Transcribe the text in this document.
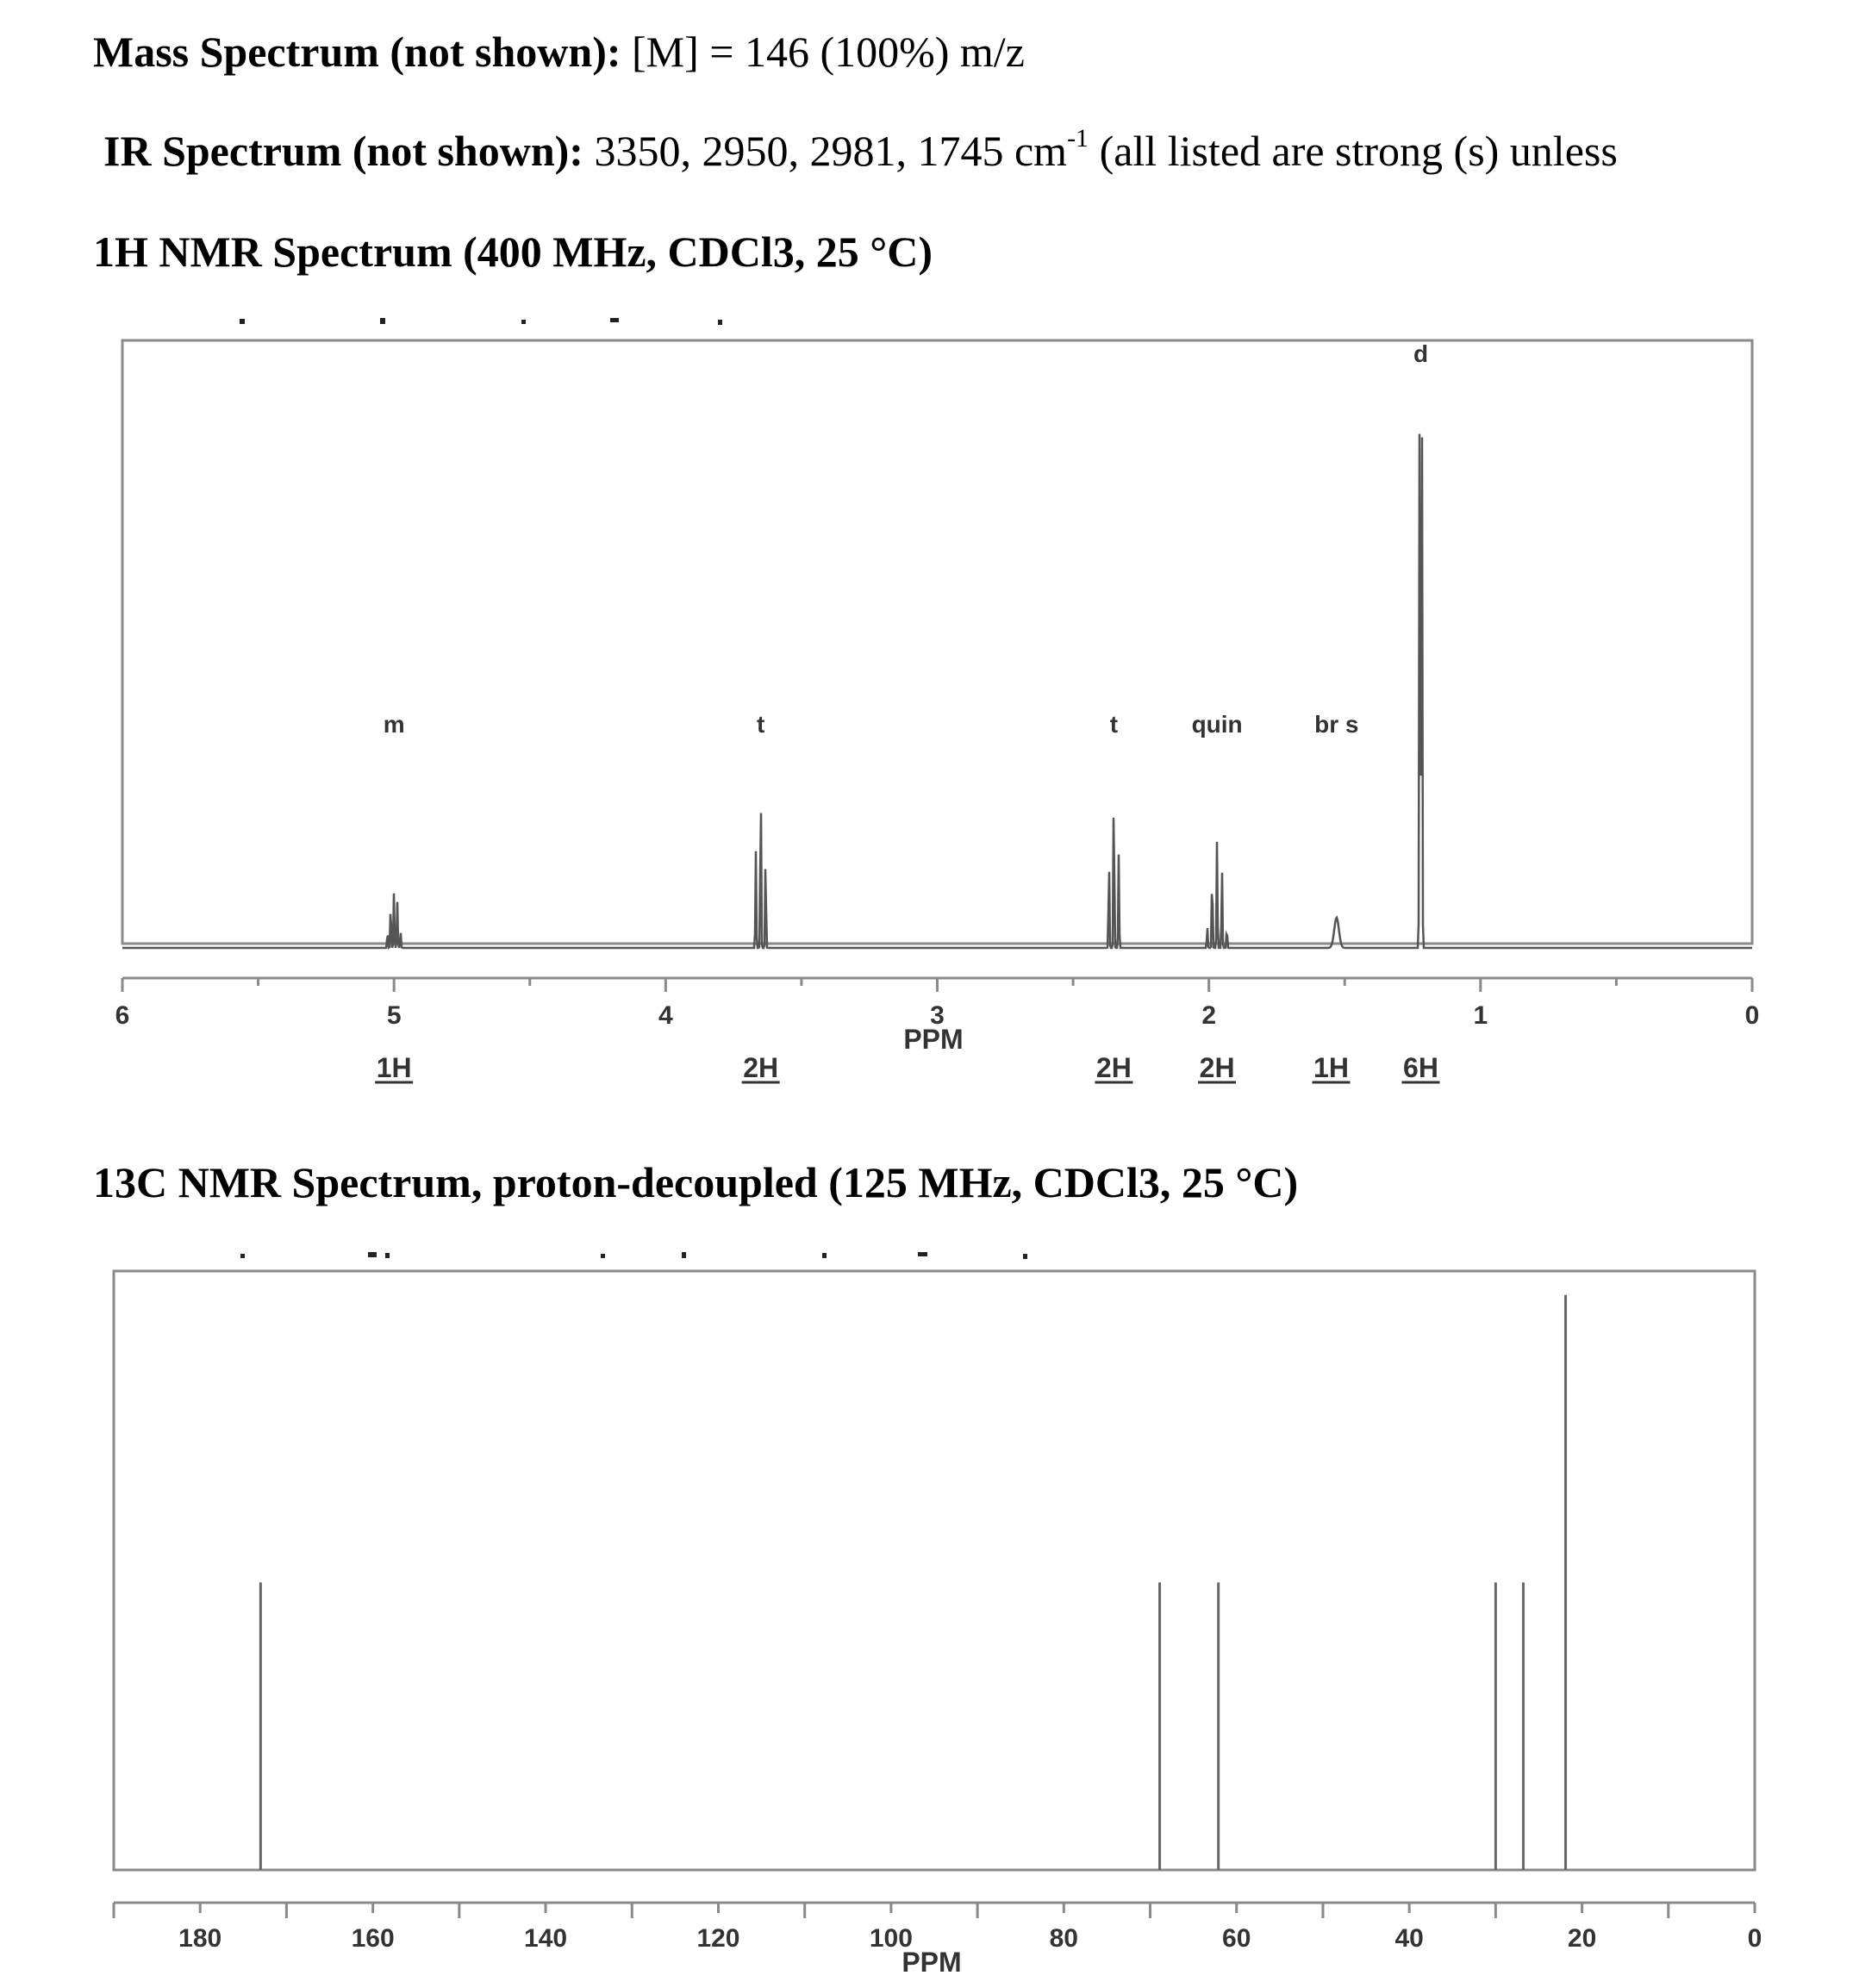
Mass Spectrum (not shown): [M] = 146 (100%) m/z
IR Spectrum (not shown): 3350, 2950, 2981, 1745 $cm^{-1}$ (all listed are strong (s) unless
1H NMR Spectrum (400 MHz, CDCl3, 25 °C)
6	5	4	3	2	1	0
m	t	t	quin	br s
d
1H	2H	2H 2H	1H 6H
PPM
13C NMR Spectrum, proton-decoupled (125 MHz, CDCl3, 25 °C)
180	160	140	120	100	80	60	40	20	0
PPM
